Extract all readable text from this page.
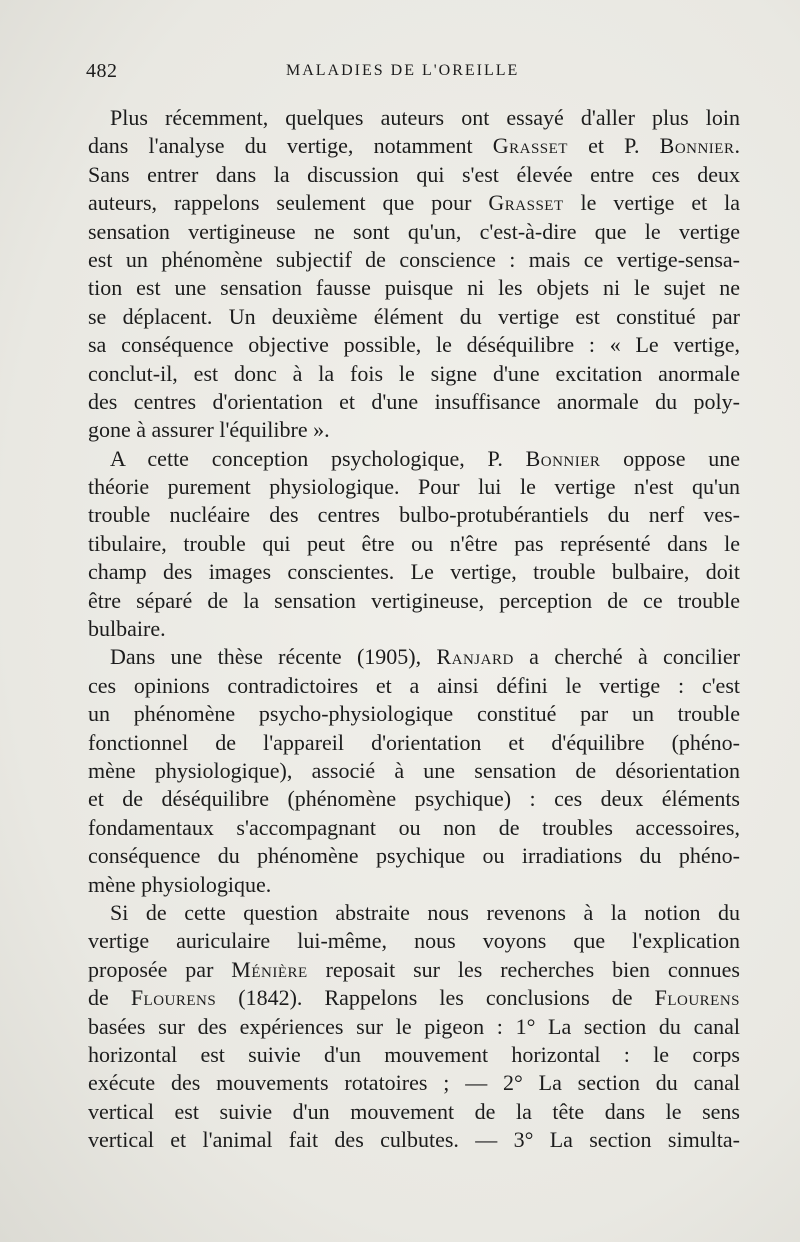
482	MALADIES DE L'OREILLE
Plus récemment, quelques auteurs ont essayé d'aller plus loin
dans l'analyse du vertige, notamment Grasset et P. Bonnier.
Sans entrer dans la discussion qui s'est élevée entre ces deux
auteurs, rappelons seulement que pour Grasset le vertige et la
sensation vertigineuse ne sont qu'un, c'est-à-dire que le vertige
est un phénomène subjectif de conscience : mais ce vertige-sensa-
tion est une sensation fausse puisque ni les objets ni le sujet ne
se déplacent. Un deuxième élément du vertige est constitué par
sa conséquence objective possible, le déséquilibre : « Le vertige,
conclut-il, est donc à la fois le signe d'une excitation anormale
des centres d'orientation et d'une insuffisance anormale du poly-
gone à assurer l'équilibre ».
A cette conception psychologique, P. Bonnier oppose une
théorie purement physiologique. Pour lui le vertige n'est qu'un
trouble nucléaire des centres bulbo-protubérantiels du nerf ves-
tibulaire, trouble qui peut être ou n'être pas représenté dans le
champ des images conscientes. Le vertige, trouble bulbaire, doit
être séparé de la sensation vertigineuse, perception de ce trouble
bulbaire.
Dans une thèse récente (1905), Ranjard a cherché à concilier
ces opinions contradictoires et a ainsi défini le vertige : c'est
un phénomène psycho-physiologique constitué par un trouble
fonctionnel de l'appareil d'orientation et d'équilibre (phéno-
mène physiologique), associé à une sensation de désorientation
et de déséquilibre (phénomène psychique) : ces deux éléments
fondamentaux s'accompagnant ou non de troubles accessoires,
conséquence du phénomène psychique ou irradiations du phéno-
mène physiologique.
Si de cette question abstraite nous revenons à la notion du
vertige auriculaire lui-même, nous voyons que l'explication
proposée par Ménière reposait sur les recherches bien connues
de Flourens (1842). Rappelons les conclusions de Flourens
basées sur des expériences sur le pigeon : 1° La section du canal
horizontal est suivie d'un mouvement horizontal : le corps
exécute des mouvements rotatoires ; — 2° La section du canal
vertical est suivie d'un mouvement de la tête dans le sens
vertical et l'animal fait des culbutes. — 3° La section simulta-
